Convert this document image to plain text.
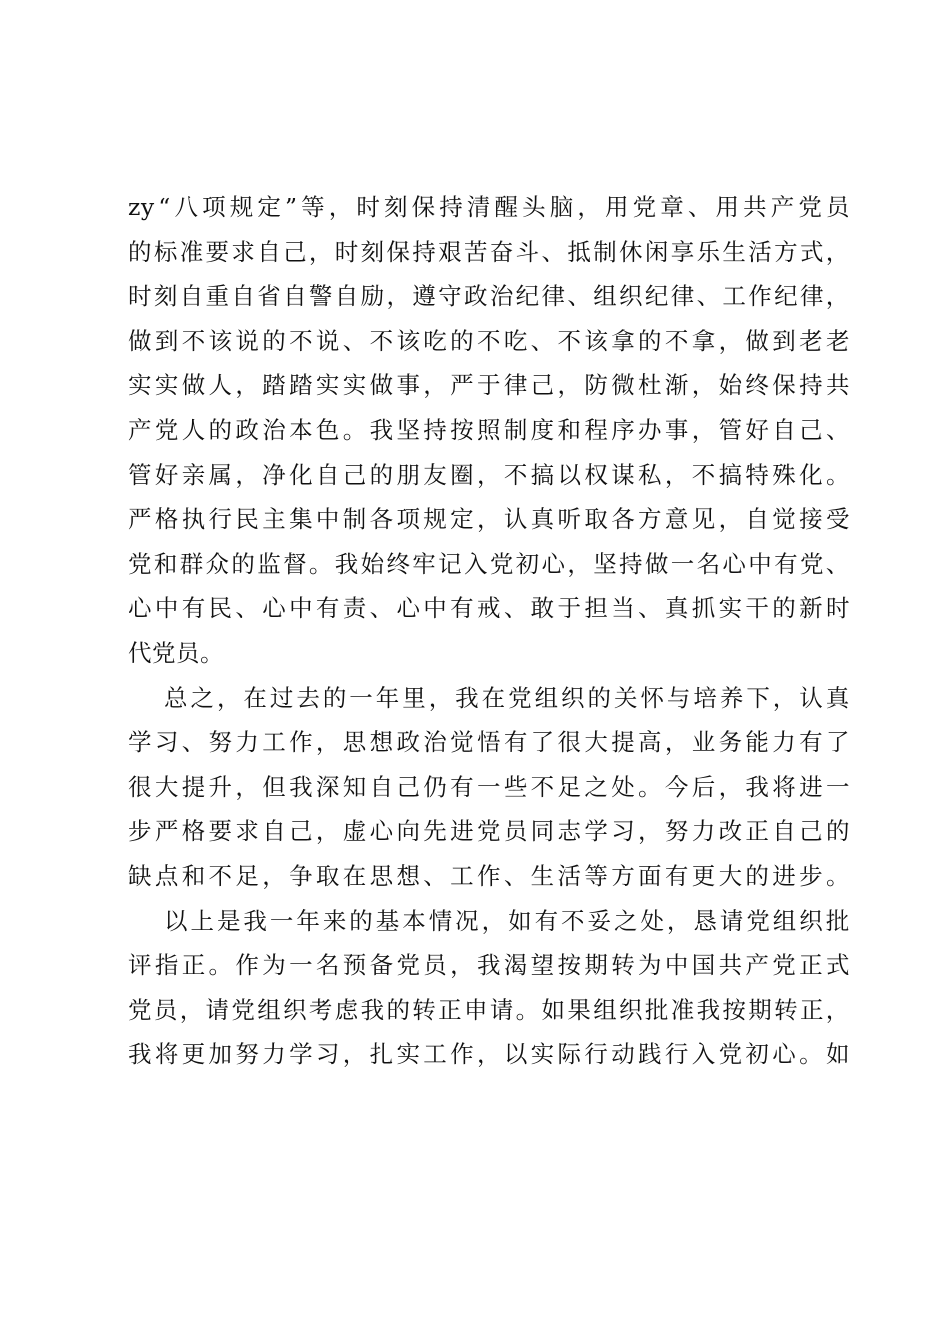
zy “ 八 项 规 定 ” 等 ， 时 刻 保 持 清 醒 头 脑 ， 用 党 章 、 用 共 产 党 员
的 标 准 要 求 自 己 ， 时 刻 保 持 艰 苦 奋 斗 、 抵 制 休 闲 享 乐 生 活 方 式 ，
时 刻 自 重 自 省 自 警 自 励 ， 遵 守 政 治 纪 律 、 组 织 纪 律 、 工 作 纪 律 ，
做 到 不 该 说 的 不 说 、 不 该 吃 的 不 吃 、 不 该 拿 的 不 拿 ， 做 到 老 老
实 实 做 人 ， 踏 踏 实 实 做 事 ， 严 于 律 己 ， 防 微 杜 渐 ， 始 终 保 持 共
产 党 人 的 政 治 本 色 。 我 坚 持 按 照 制 度 和 程 序 办 事 ， 管 好 自 己 、
管 好 亲 属 ， 净 化 自 己 的 朋 友 圈 ， 不 搞 以 权 谋 私 ， 不 搞 特 殊 化 。
严 格 执 行 民 主 集 中 制 各 项 规 定 ， 认 真 听 取 各 方 意 见 ， 自 觉 接 受
党 和 群 众 的 监 督 。 我 始 终 牢 记 入 党 初 心 ， 坚 持 做 一 名 心 中 有 党 、
心 中 有 民 、 心 中 有 责 、 心 中 有 戒 、 敢 于 担 当 、 真 抓 实 干 的 新 时
代 党 员 。
总 之 ， 在 过 去 的 一 年 里 ， 我 在 党 组 织 的 关 怀 与 培 养 下 ， 认 真
学 习 、 努 力 工 作 ， 思 想 政 治 觉 悟 有 了 很 大 提 高 ， 业 务 能 力 有 了
很 大 提 升 ， 但 我 深 知 自 己 仍 有 一 些 不 足 之 处 。 今 后 ， 我 将 进 一
步 严 格 要 求 自 己 ， 虚 心 向 先 进 党 员 同 志 学 习 ， 努 力 改 正 自 己 的
缺 点 和 不 足 ， 争 取 在 思 想 、 工 作 、 生 活 等 方 面 有 更 大 的 进 步 。
以 上 是 我 一 年 来 的 基 本 情 况 ， 如 有 不 妥 之 处 ， 恳 请 党 组 织 批
评 指 正 。 作 为 一 名 预 备 党 员 ， 我 渴 望 按 期 转 为 中 国 共 产 党 正 式
党 员 ， 请 党 组 织 考 虑 我 的 转 正 申 请 。 如 果 组 织 批 准 我 按 期 转 正 ，
我 将 更 加 努 力 学 习 ， 扎 实 工 作 ， 以 实 际 行 动 践 行 入 党 初 心 。 如
